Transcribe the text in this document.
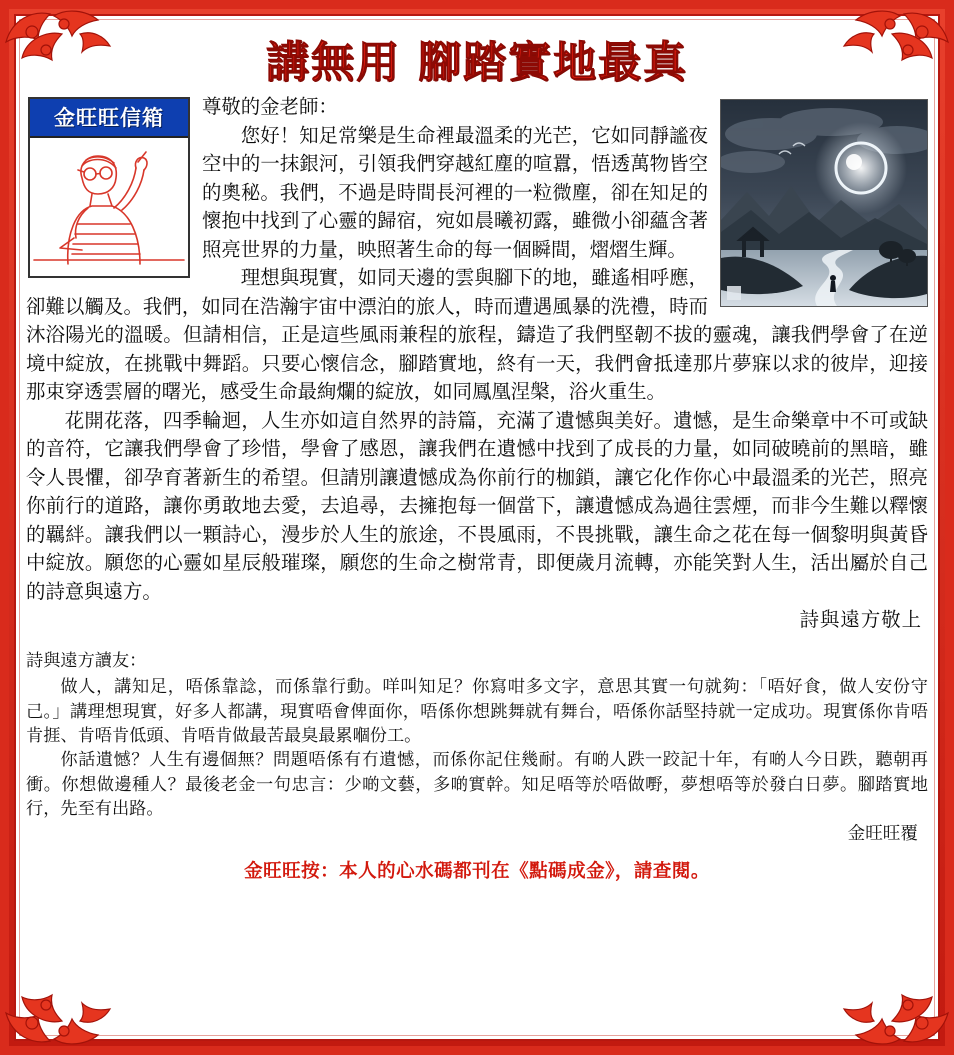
講無用 腳踏實地最真
金旺旺信箱	尊敬的金老師：

您好！知足常樂是生命裡最溫柔的光芒，它如同靜謐夜空中的一抹銀河，引領我們穿越紅塵的喧囂，悟透萬物皆空的奧秘。我們，不過是時間長河裡的一粒微塵，卻在知足的懷抱中找到了心靈的歸宿，宛如晨曦初露，雖微小卻蘊含著照亮世界的力量，映照著生命的每一個瞬間，熠熠生輝。

理想與現實，如同天邊的雲與腳下的地，雖遙相呼應，卻難以觸及。我們，如同在浩瀚宇宙中漂泊的旅人，時而遭遇風暴的洗禮，時而沐浴陽光的溫暖。但請相信，正是這些風雨兼程的旅程，鑄造了我們堅韌不拔的靈魂，讓我們學會了在逆境中綻放，在挑戰中舞蹈。只要心懷信念，腳踏實地，終有一天，我們會抵達那片夢寐以求的彼岸，迎接那束穿透雲層的曙光，感受生命最絢爛的綻放，如同鳳凰涅槃，浴火重生。

花開花落，四季輪迴，人生亦如這自然界的詩篇，充滿了遺憾與美好。遺憾，是生命樂章中不可或缺的音符，它讓我們學會了珍惜，學會了感恩，讓我們在遺憾中找到了成長的力量，如同破曉前的黑暗，雖令人畏懼，卻孕育著新生的希望。但請別讓遺憾成為你前行的枷鎖，讓它化作你心中最溫柔的光芒，照亮你前行的道路，讓你勇敢地去愛，去追尋，去擁抱每一個當下，讓遺憾成為過往雲煙，而非今生難以釋懷的羈絆。讓我們以一顆詩心，漫步於人生的旅途，不畏風雨，不畏挑戰，讓生命之花在每一個黎明與黃昏中綻放。願您的心靈如星辰般璀璨，願您的生命之樹常青，即便歲月流轉，亦能笑對人生，活出屬於自己的詩意與遠方。

詩與遠方敬上

詩與遠方讀友：

做人，講知足，唔係靠諗，而係靠行動。咩叫知足？你寫咁多文字，意思其實一句就夠：「唔好食，做人安份守己。」講理想現實，好多人都講，現實唔會俾面你，唔係你想跳舞就有舞台，唔係你話堅持就一定成功。現實係你肯唔肯捱、肯唔肯低頭、肯唔肯做最苦最臭最累嗰份工。

你話遺憾？人生有邊個無？問題唔係有冇遺憾，而係你記住幾耐。有啲人跌一跤記十年，有啲人今日跌，聽朝再衝。你想做邊種人？最後老金一句忠言：少啲文藝，多啲實幹。知足唔等於唔做嘢，夢想唔等於發白日夢。腳踏實地行，先至有出路。

金旺旺覆

金旺旺按：本人的心水碼都刊在《點碼成金》，請查閱。
